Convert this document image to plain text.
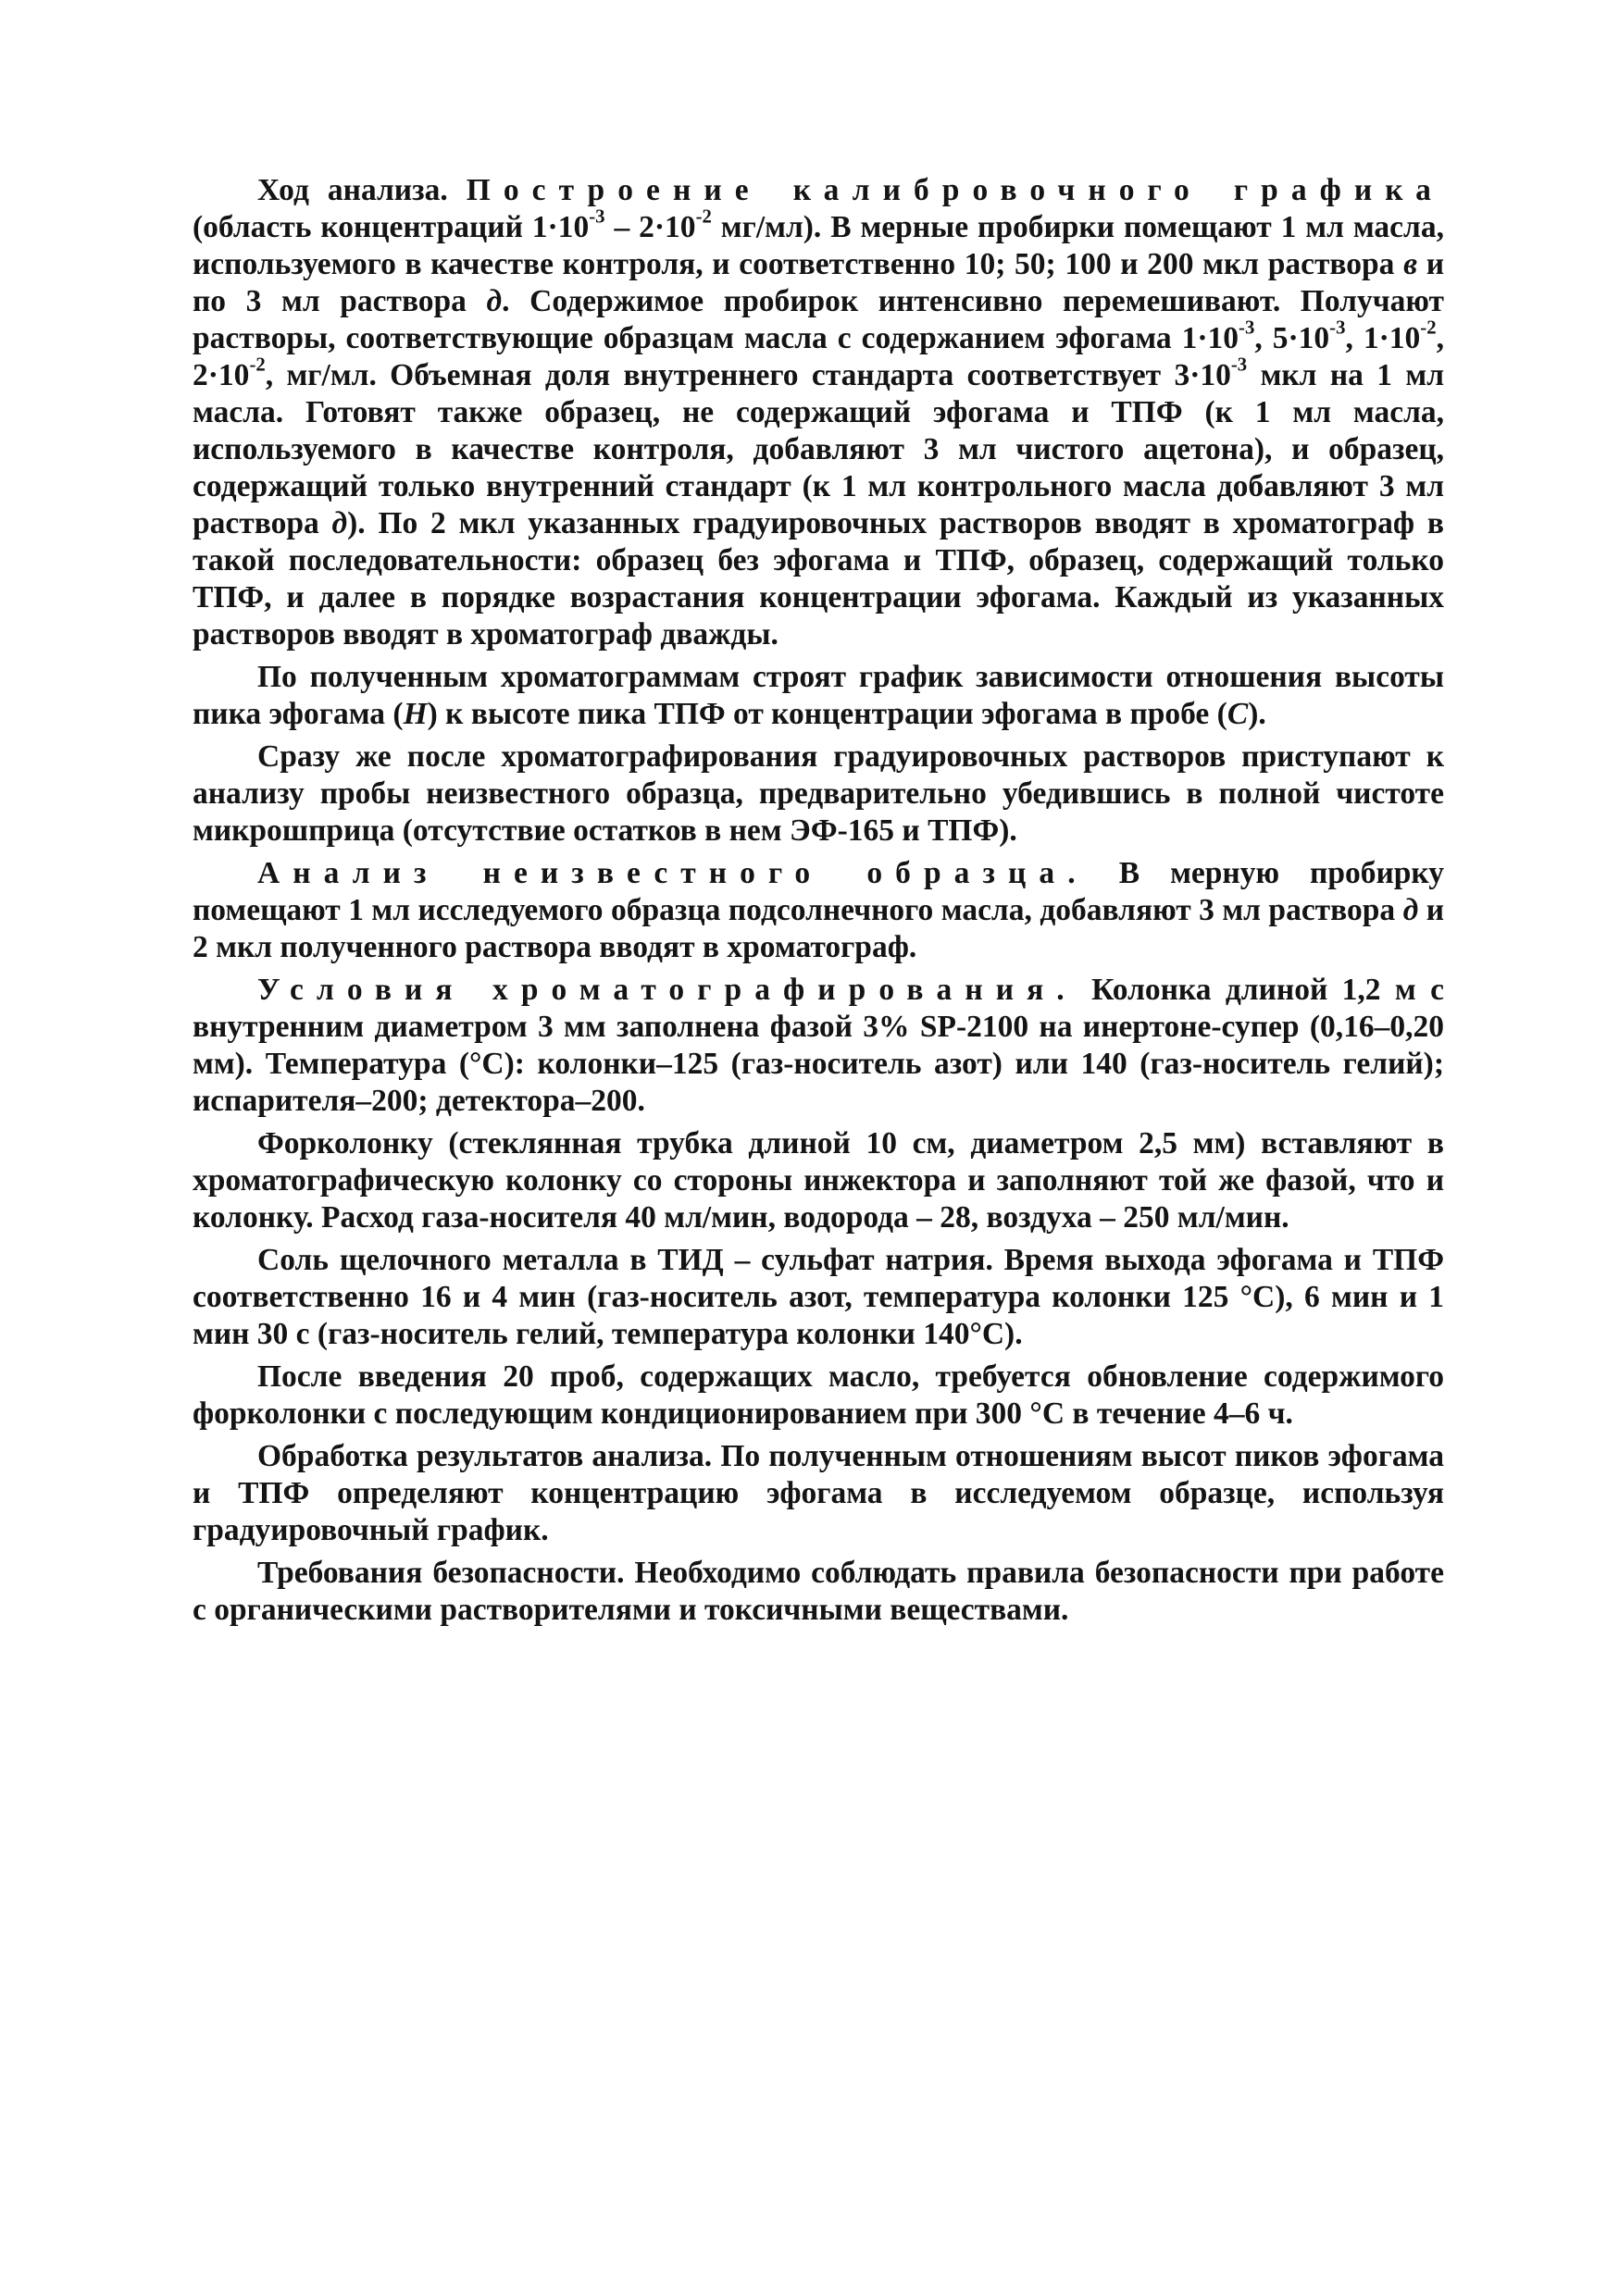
Ход анализа. Построение калибровочного графика (область концентраций $1\cdot 10^{-3} - 2\cdot 10^{-2}$ мг/мл). В мерные пробирки помещают 1 мл масла, используемого в качестве контроля, и соответственно 10; 50; 100 и 200 мкл раствора в и по 3 мл раствора д. Содержимое пробирок интенсивно перемешивают. Получают растворы, соответствующие образцам масла с содержанием эфогама $1\cdot 10^{-3}$, $5\cdot 10^{-3}$, $1\cdot 10^{-2}$, $2\cdot 10^{-2}$, мг/мл. Объемная доля внутреннего стандарта соответствует $3\cdot 10^{-3}$ мкл на 1 мл масла. Готовят также образец, не содержащий эфогама и ТПФ (к 1 мл масла, используемого в качестве контроля, добавляют 3 мл чистого ацетона), и образец, содержащий только внутренний стандарт (к 1 мл контрольного масла добавляют 3 мл раствора д). По 2 мкл указанных градуировочных растворов вводят в хроматограф в такой последовательности: образец без эфогама и ТПФ, образец, содержащий только ТПФ, и далее в порядке возрастания концентрации эфогама. Каждый из указанных растворов вводят в хроматограф дважды.

По полученным хроматограммам строят график зависимости отношения высоты пика эфогама (H) к высоте пика ТПФ от концентрации эфогама в пробе (C).

Сразу же после хроматографирования градуировочных растворов приступают к анализу пробы неизвестного образца, предварительно убедившись в полной чистоте микрошприца (отсутствие остатков в нем ЭФ-165 и ТПФ).

Анализ неизвестного образца. В мерную пробирку помещают 1 мл исследуемого образца подсолнечного масла, добавляют 3 мл раствора д и 2 мкл полученного раствора вводят в хроматограф.

Условия хроматографирования. Колонка длиной 1,2 м с внутренним диаметром 3 мм заполнена фазой 3% SP-2100 на инертоне-супер (0,16–0,20 мм). Температура (°С): колонки–125 (газ-носитель азот) или 140 (газ-носитель гелий); испарителя–200; детектора–200.

Форколонку (стеклянная трубка длиной 10 см, диаметром 2,5 мм) вставляют в хроматографическую колонку со стороны инжектора и заполняют той же фазой, что и колонку. Расход газа-носителя 40 мл/мин, водорода – 28, воздуха – 250 мл/мин.

Соль щелочного металла в ТИД – сульфат натрия. Время выхода эфогама и ТПФ соответственно 16 и 4 мин (газ-носитель азот, температура колонки 125 °С), 6 мин и 1 мин 30 с (газ-носитель гелий, температура колонки 140°С).

После введения 20 проб, содержащих масло, требуется обновление содержимого форколонки с последующим кондиционированием при 300 °С в течение 4–6 ч.

Обработка результатов анализа. По полученным отношениям высот пиков эфогама и ТПФ определяют концентрацию эфогама в исследуемом образце, используя градуировочный график.

Требования безопасности. Необходимо соблюдать правила безопасности при работе с органическими растворителями и токсичными веществами.
